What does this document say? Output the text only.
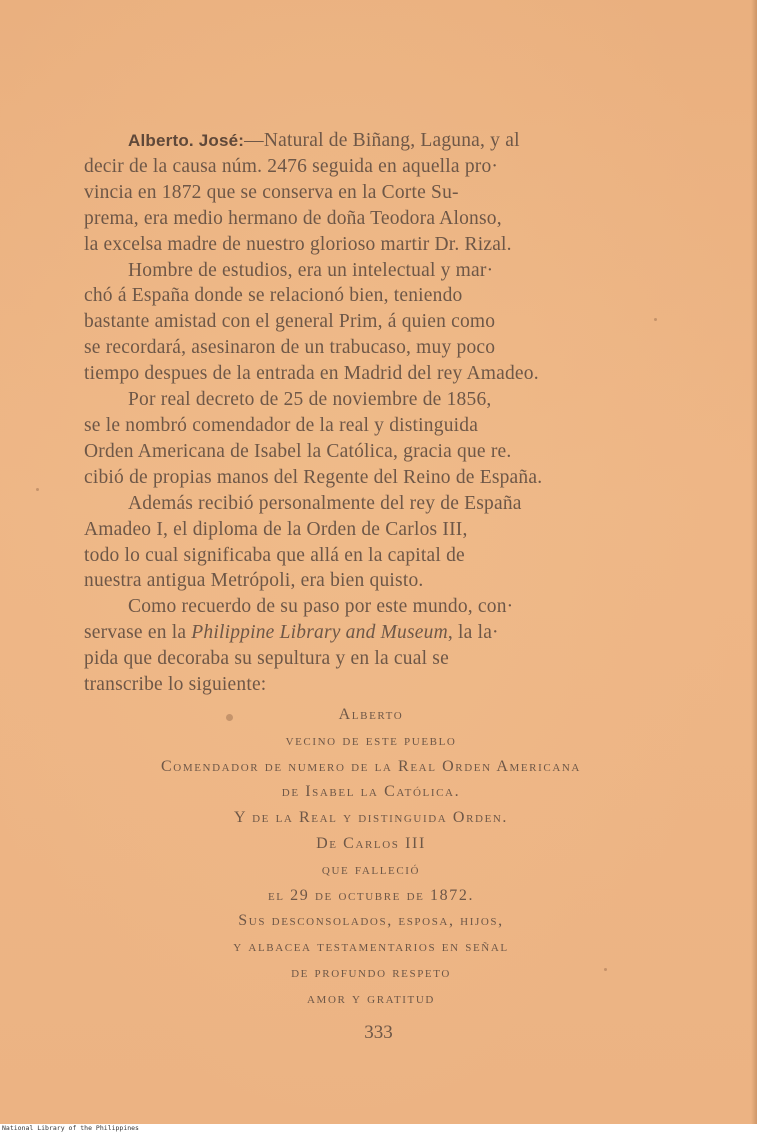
Alberto. José:—Natural de Biñang, Laguna, y al
decir de la causa núm. 2476 seguida en aquella pro·
vincia en 1872 que se conserva en la Corte Su-
prema, era medio hermano de doña Teodora Alonso,
la excelsa madre de nuestro glorioso martir Dr. Rizal.

Hombre de estudios, era un intelectual y mar·
chó á España donde se relacionó bien, teniendo
bastante amistad con el general Prim, á quien como
se recordará, asesinaron de un trabucaso, muy poco
tiempo despues de la entrada en Madrid del rey Amadeo.

Por real decreto de 25 de noviembre de 1856,
se le nombró comendador de la real y distinguida
Orden Americana de Isabel la Católica, gracia que re.
cibió de propias manos del Regente del Reino de España.

Además recibió personalmente del rey de España
Amadeo I, el diploma de la Orden de Carlos III,
todo lo cual significaba que allá en la capital de
nuestra antigua Metrópoli, era bien quisto.

Como recuerdo de su paso por este mundo, con·
servase en la Philippine Library and Museum, la la·
pida que decoraba su sepultura y en la cual se
transcribe lo siguiente:

Alberto
vecino de este pueblo
Comendador de numero de la Real Orden Americana
de Isabel la Católica.
Y de la Real y distinguida Orden.
De Carlos III
que falleció
el 29 de octubre de 1872.
Sus desconsolados, esposa, hijos,
y albacea testamentarios en señal
de profundo respeto
amor y gratitud
333
National Library of the Philippines
